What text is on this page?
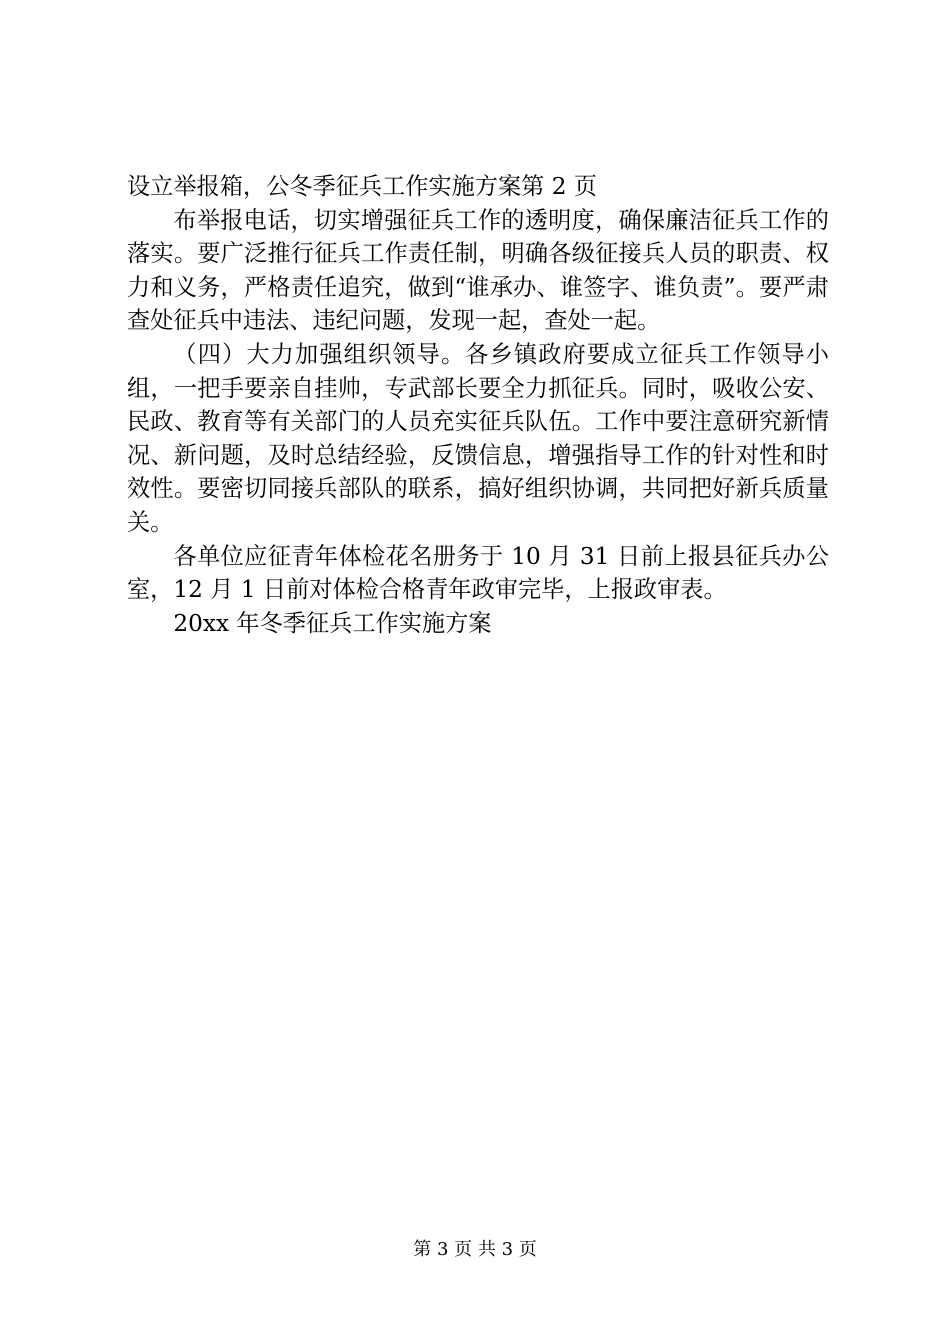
设立举报箱，公冬季征兵工作实施方案第 2 页

布举报电话，切实增强征兵工作的透明度，确保廉洁征兵工作的落实。要广泛推行征兵工作责任制，明确各级征接兵人员的职责、权力和义务，严格责任追究，做到“谁承办、谁签字、谁负责”。要严肃查处征兵中违法、违纪问题，发现一起，查处一起。

（四）大力加强组织领导。各乡镇政府要成立征兵工作领导小组，一把手要亲自挂帅，专武部长要全力抓征兵。同时，吸收公安、民政、教育等有关部门的人员充实征兵队伍。工作中要注意研究新情况、新问题，及时总结经验，反馈信息，增强指导工作的针对性和时效性。要密切同接兵部队的联系，搞好组织协调，共同把好新兵质量关。

各单位应征青年体检花名册务于 10 月 31 日前上报县征兵办公室，12 月 1 日前对体检合格青年政审完毕，上报政审表。

20xx 年冬季征兵工作实施方案

第 3 页 共 3 页
